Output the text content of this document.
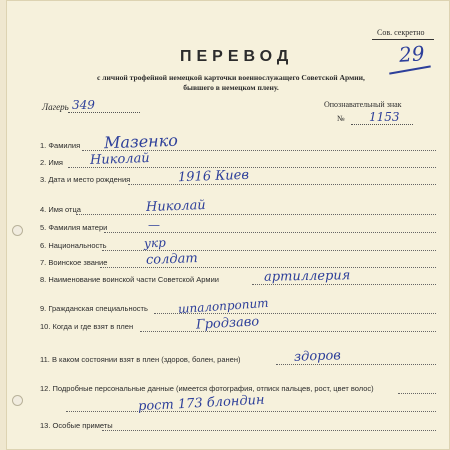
Сов. секретно
29
ПЕРЕВОД
с личной трофейной немецкой карточки военнослужащего Советской Армии, бывшего в немецком плену.
Лагерь 349	Опознавательный знак
№ 1153
1. Фамилия Мазенко
2. Имя Николай
3. Дата и место рождения	1916 Киев
4. Имя отца	Николай
5. Фамилия матери	—
6. Национальность	укр
7. Воинское звание	солдат
8. Наименование воинской части Советской Армии	артиллерия
9. Гражданская специальность шпалопропит
10. Когда и где взят в плен	Гродзаво
11. В каком состоянии взят в плен (здоров, болен, ранен)	здоров
12. Подробные персональные данные (имеется фотография, отпиcк пальцев, рост, цвет волос)
рост 173 блондин
13. Особые приметы
